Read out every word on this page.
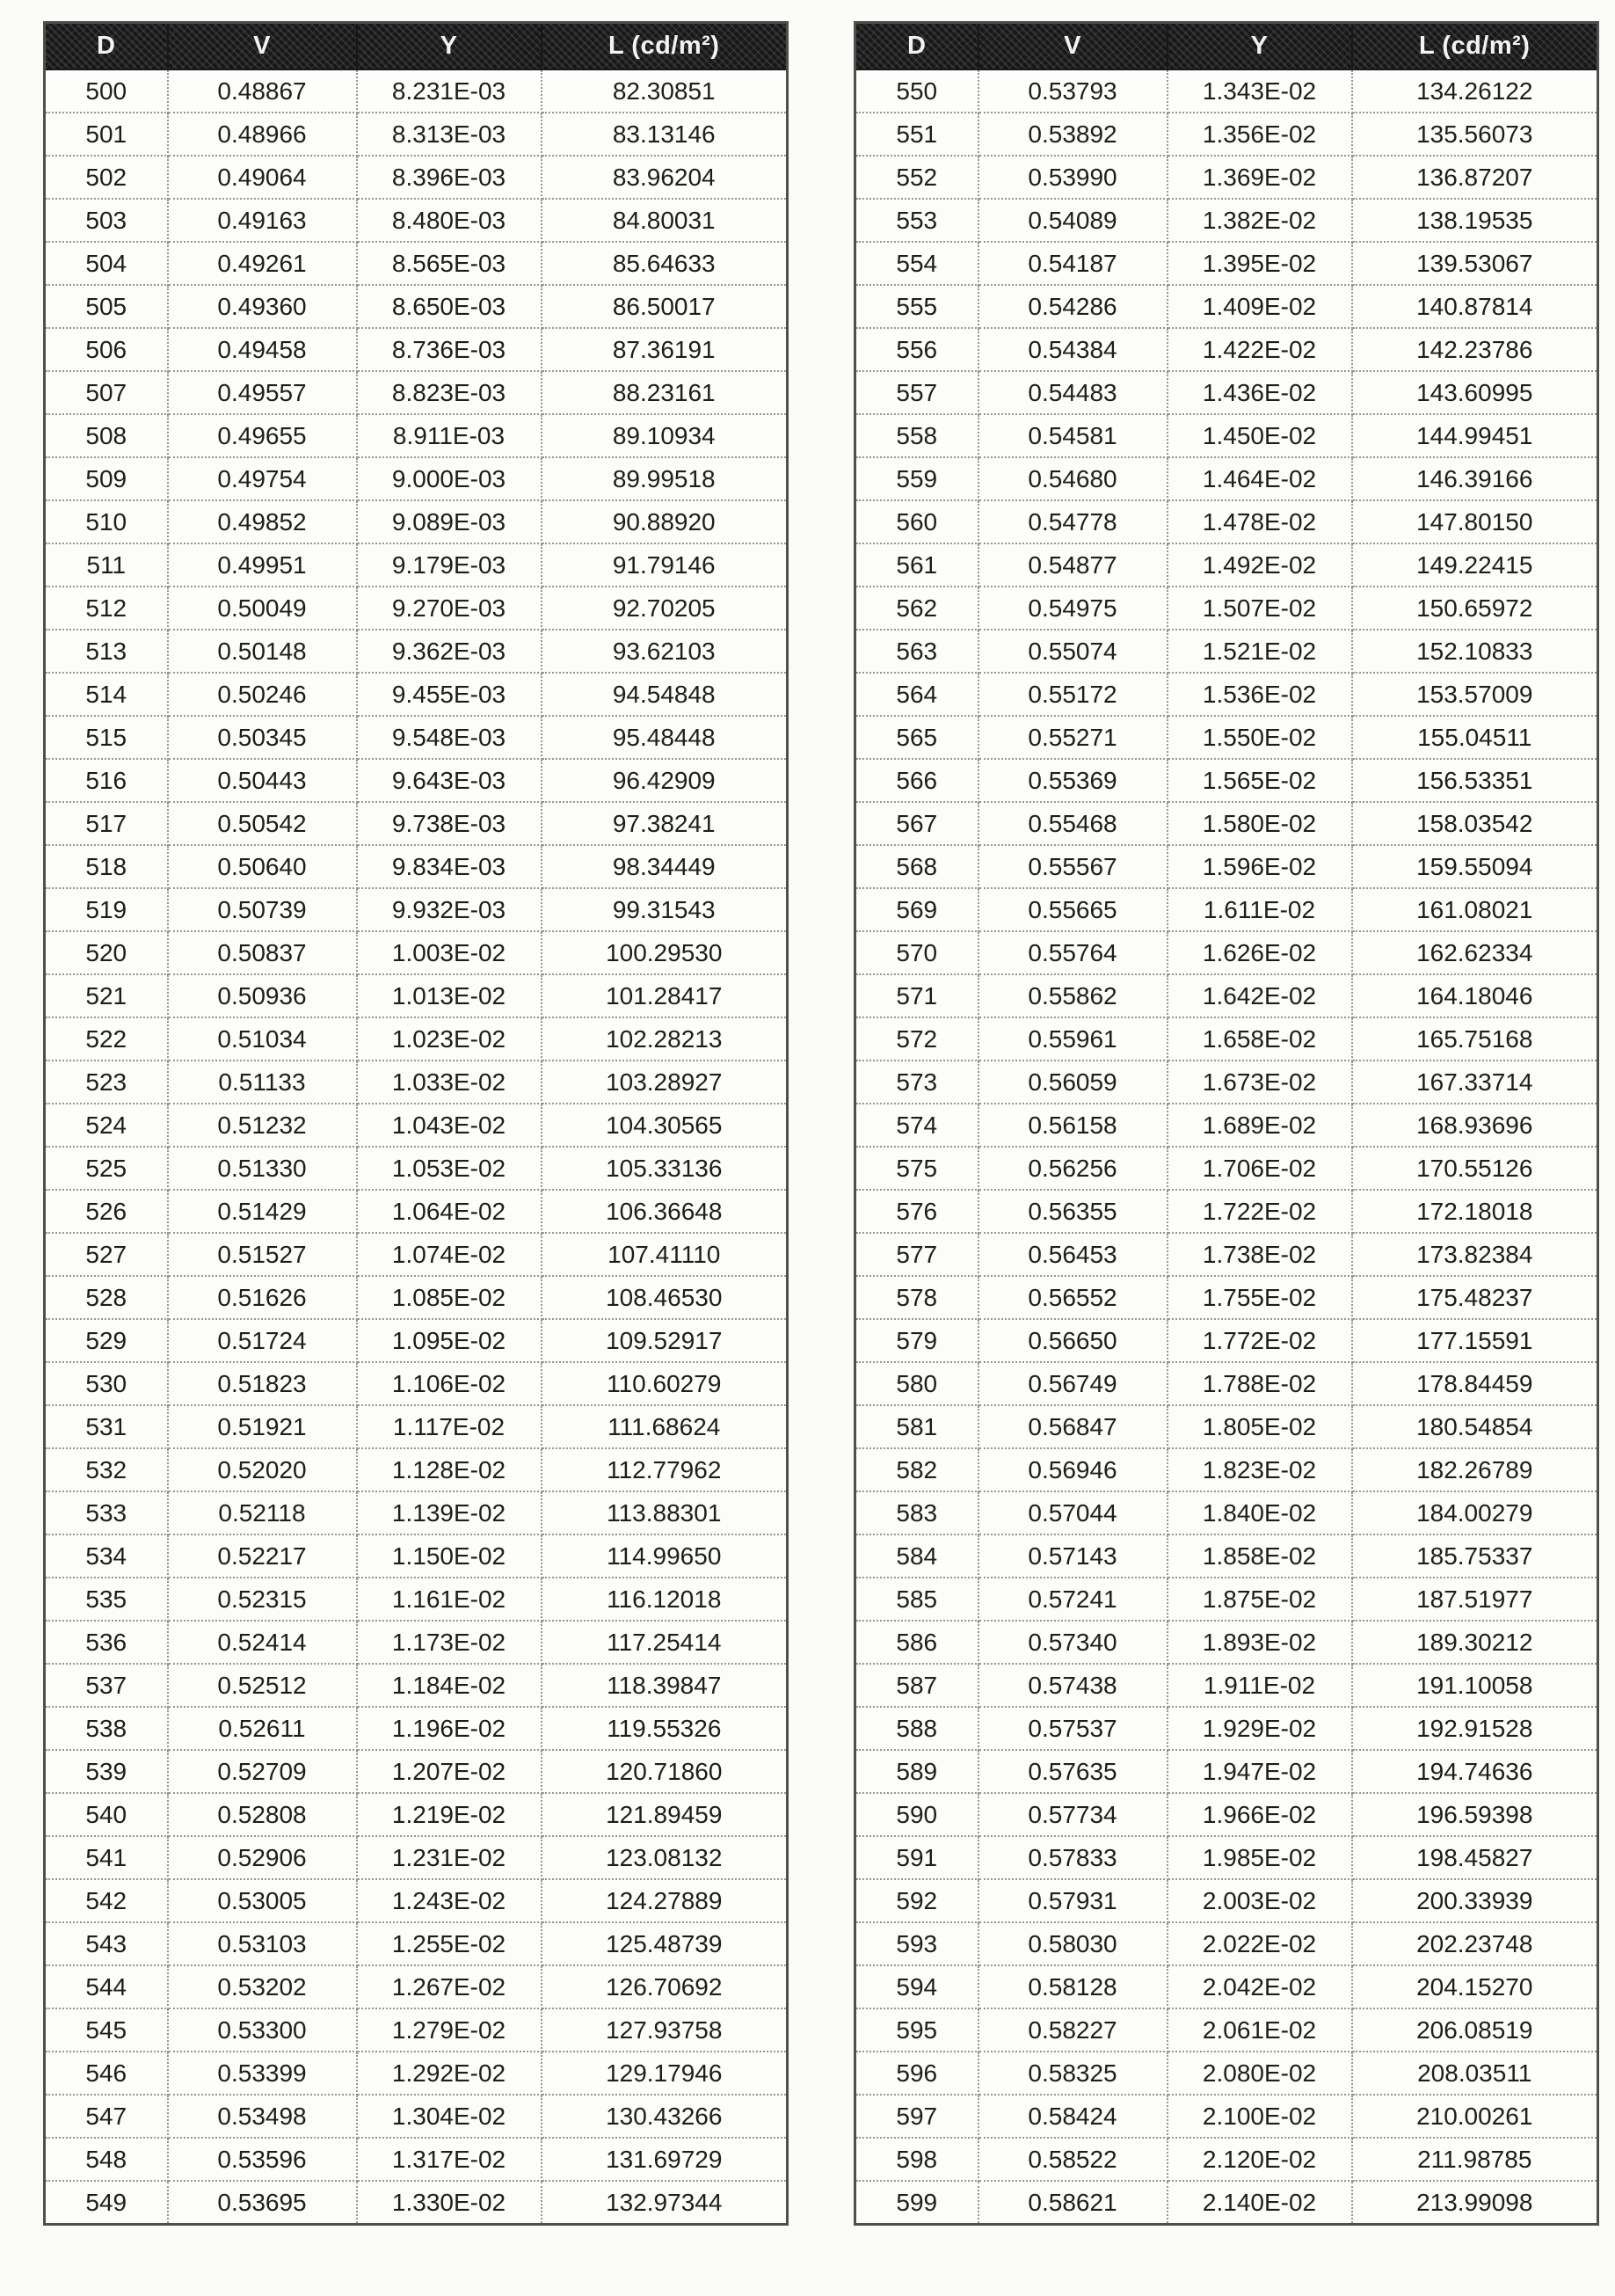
D	V	Y	L (cd/m²)
500	0.48867	8.231E-03	82.30851
501	0.48966	8.313E-03	83.13146
502	0.49064	8.396E-03	83.96204
503	0.49163	8.480E-03	84.80031
504	0.49261	8.565E-03	85.64633
505	0.49360	8.650E-03	86.50017
506	0.49458	8.736E-03	87.36191
507	0.49557	8.823E-03	88.23161
508	0.49655	8.911E-03	89.10934
509	0.49754	9.000E-03	89.99518
510	0.49852	9.089E-03	90.88920
511	0.49951	9.179E-03	91.79146
512	0.50049	9.270E-03	92.70205
513	0.50148	9.362E-03	93.62103
514	0.50246	9.455E-03	94.54848
515	0.50345	9.548E-03	95.48448
516	0.50443	9.643E-03	96.42909
517	0.50542	9.738E-03	97.38241
518	0.50640	9.834E-03	98.34449
519	0.50739	9.932E-03	99.31543
520	0.50837	1.003E-02	100.29530
521	0.50936	1.013E-02	101.28417
522	0.51034	1.023E-02	102.28213
523	0.51133	1.033E-02	103.28927
524	0.51232	1.043E-02	104.30565
525	0.51330	1.053E-02	105.33136
526	0.51429	1.064E-02	106.36648
527	0.51527	1.074E-02	107.41110
528	0.51626	1.085E-02	108.46530
529	0.51724	1.095E-02	109.52917
530	0.51823	1.106E-02	110.60279
531	0.51921	1.117E-02	111.68624
532	0.52020	1.128E-02	112.77962
533	0.52118	1.139E-02	113.88301
534	0.52217	1.150E-02	114.99650
535	0.52315	1.161E-02	116.12018
536	0.52414	1.173E-02	117.25414
537	0.52512	1.184E-02	118.39847
538	0.52611	1.196E-02	119.55326
539	0.52709	1.207E-02	120.71860
540	0.52808	1.219E-02	121.89459
541	0.52906	1.231E-02	123.08132
542	0.53005	1.243E-02	124.27889
543	0.53103	1.255E-02	125.48739
544	0.53202	1.267E-02	126.70692
545	0.53300	1.279E-02	127.93758
546	0.53399	1.292E-02	129.17946
547	0.53498	1.304E-02	130.43266
548	0.53596	1.317E-02	131.69729
549	0.53695	1.330E-02	132.97344
D	V	Y	L (cd/m²)
550	0.53793	1.343E-02	134.26122
551	0.53892	1.356E-02	135.56073
552	0.53990	1.369E-02	136.87207
553	0.54089	1.382E-02	138.19535
554	0.54187	1.395E-02	139.53067
555	0.54286	1.409E-02	140.87814
556	0.54384	1.422E-02	142.23786
557	0.54483	1.436E-02	143.60995
558	0.54581	1.450E-02	144.99451
559	0.54680	1.464E-02	146.39166
560	0.54778	1.478E-02	147.80150
561	0.54877	1.492E-02	149.22415
562	0.54975	1.507E-02	150.65972
563	0.55074	1.521E-02	152.10833
564	0.55172	1.536E-02	153.57009
565	0.55271	1.550E-02	155.04511
566	0.55369	1.565E-02	156.53351
567	0.55468	1.580E-02	158.03542
568	0.55567	1.596E-02	159.55094
569	0.55665	1.611E-02	161.08021
570	0.55764	1.626E-02	162.62334
571	0.55862	1.642E-02	164.18046
572	0.55961	1.658E-02	165.75168
573	0.56059	1.673E-02	167.33714
574	0.56158	1.689E-02	168.93696
575	0.56256	1.706E-02	170.55126
576	0.56355	1.722E-02	172.18018
577	0.56453	1.738E-02	173.82384
578	0.56552	1.755E-02	175.48237
579	0.56650	1.772E-02	177.15591
580	0.56749	1.788E-02	178.84459
581	0.56847	1.805E-02	180.54854
582	0.56946	1.823E-02	182.26789
583	0.57044	1.840E-02	184.00279
584	0.57143	1.858E-02	185.75337
585	0.57241	1.875E-02	187.51977
586	0.57340	1.893E-02	189.30212
587	0.57438	1.911E-02	191.10058
588	0.57537	1.929E-02	192.91528
589	0.57635	1.947E-02	194.74636
590	0.57734	1.966E-02	196.59398
591	0.57833	1.985E-02	198.45827
592	0.57931	2.003E-02	200.33939
593	0.58030	2.022E-02	202.23748
594	0.58128	2.042E-02	204.15270
595	0.58227	2.061E-02	206.08519
596	0.58325	2.080E-02	208.03511
597	0.58424	2.100E-02	210.00261
598	0.58522	2.120E-02	211.98785
599	0.58621	2.140E-02	213.99098
